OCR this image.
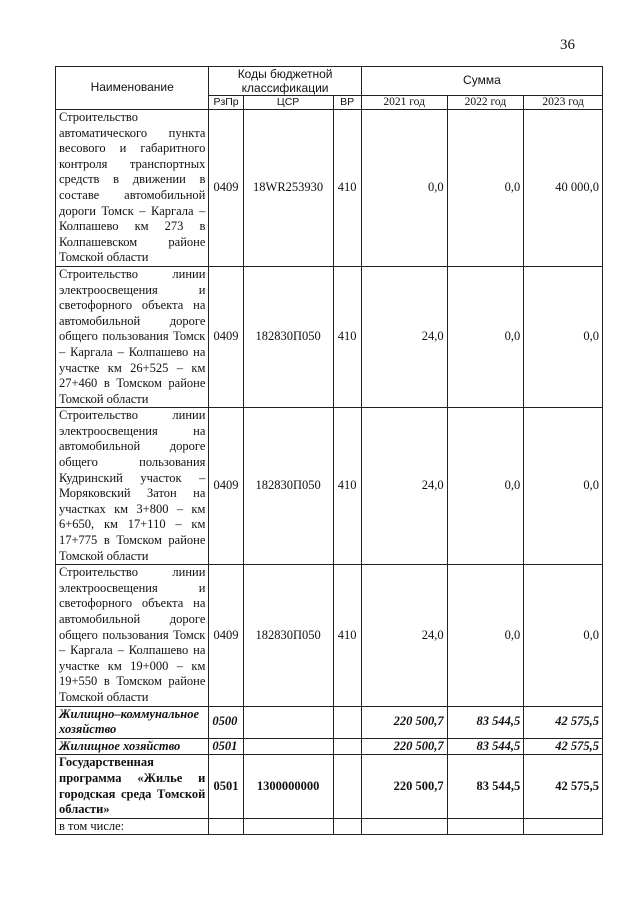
36
Наименование	Коды бюджетной классификации			Сумма		
	РзПр	ЦСР	ВР	2021 год	2022 год	2023 год
Строительство автоматического пункта весового и габаритного контроля транспортных средств в движении в составе автомобильной дороги Томск – Каргала – Колпашево км 273 в Колпашевском районе Томской области	0409	18WR253930	410	0,0	0,0	40 000,0
Строительство линии электроосвещения и светофорного объекта на автомобильной дороге общего пользования Томск – Каргала – Колпашево на участке км 26+525 – км 27+460 в Томском районе Томской области	0409	182830П050	410	24,0	0,0	0,0
Строительство линии электроосвещения на автомобильной дороге общего пользования Кудринский участок – Моряковский Затон на участках км 3+800 – км 6+650, км 17+110 – км 17+775 в Томском районе Томской области	0409	182830П050	410	24,0	0,0	0,0
Строительство линии электроосвещения и светофорного объекта на автомобильной дороге общего пользования Томск – Каргала – Колпашево на участке км 19+000 – км 19+550 в Томском районе Томской области	0409	182830П050	410	24,0	0,0	0,0
Жилищно–коммунальное хозяйство	0500			220 500,7	83 544,5	42 575,5
Жилищное хозяйство	0501			220 500,7	83 544,5	42 575,5
Государственная программа «Жилье и городская среда Томской области»	0501	1300000000		220 500,7	83 544,5	42 575,5
в том числе:						
